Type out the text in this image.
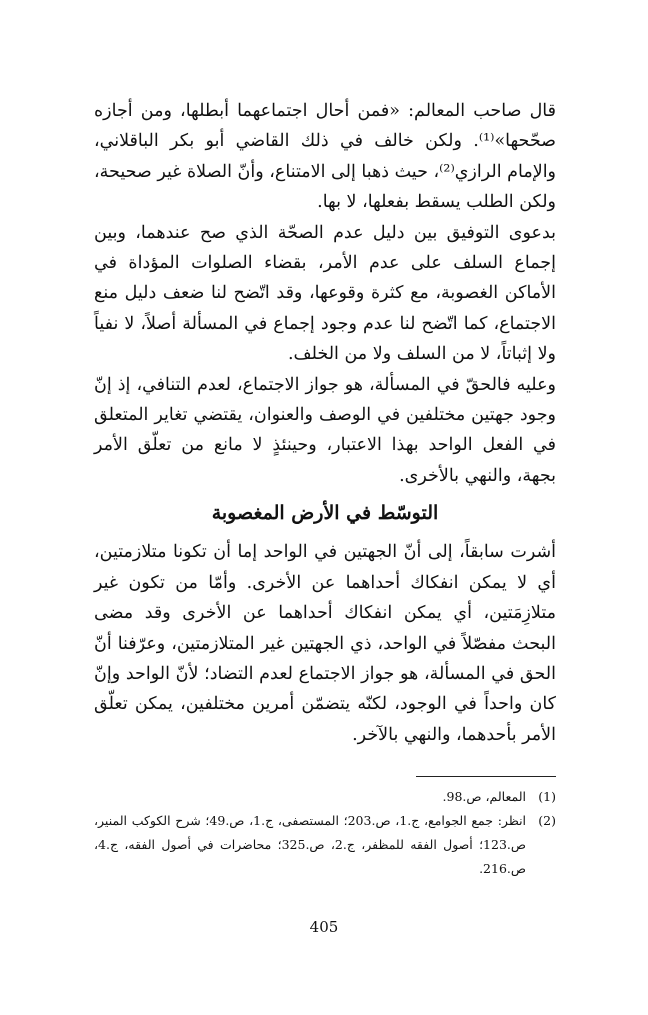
قال صاحب المعالم: «فمن أحال اجتماعهما أبطلها، ومن أجازه صحّحها»⁽¹⁾. ولكن خالف في ذلك القاضي أبو بكر الباقلاني، والإمام الرازي⁽²⁾، حيث ذهبا إلى الامتناع، وأنّ الصلاة غير صحيحة، ولكن الطلب يسقط بفعلها، لا بها.

بدعوى التوفيق بين دليل عدم الصحّة الذي صح عندهما، وبين إجماع السلف على عدم الأمر، بقضاء الصلوات المؤداة في الأماكن الغصوبة، مع كثرة وقوعها، وقد اتّضح لنا ضعف دليل منع الاجتماع، كما اتّضح لنا عدم وجود إجماع في المسألة أصلاً، لا نفياً ولا إثباتاً، لا من السلف ولا من الخلف.

وعليه فالحقّ في المسألة، هو جواز الاجتماع، لعدم التنافي، إذ إنّ وجود جهتين مختلفين في الوصف والعنوان، يقتضي تغاير المتعلق في الفعل الواحد بهذا الاعتبار، وحينئذٍ لا مانع من تعلّق الأمر بجهة، والنهي بالأخرى.

التوسّط في الأرض المغصوبة

أشرت سابقاً، إلى أنّ الجهتين في الواحد إما أن تكونا متلازمتين، أي لا يمكن انفكاك أحداهما عن الأخرى. وأمّا من تكون غير متلازِمَتين، أي يمكن انفكاك أحداهما عن الأخرى وقد مضى البحث مفصّلاً في الواحد، ذي الجهتين غير المتلازمتين، وعرّفنا أنّ الحق في المسألة، هو جواز الاجتماع لعدم التضاد؛ لأنّ الواحد وإنّ كان واحداً في الوجود، لكنّه يتضمّن أمرين مختلفين، يمكن تعلّق الأمر بأحدهما، والنهي بالآخر.

(1)
المعالم، ص.98.
(2)
انظر: جمع الجوامع، ج.1، ص.203؛ المستصفى، ج.1، ص.49؛ شرح الكوكب المنير، ص.123؛ أصول الفقه للمظفر، ج.2، ص.325؛ محاضرات في أصول الفقه، ج.4، ص.216.
405
